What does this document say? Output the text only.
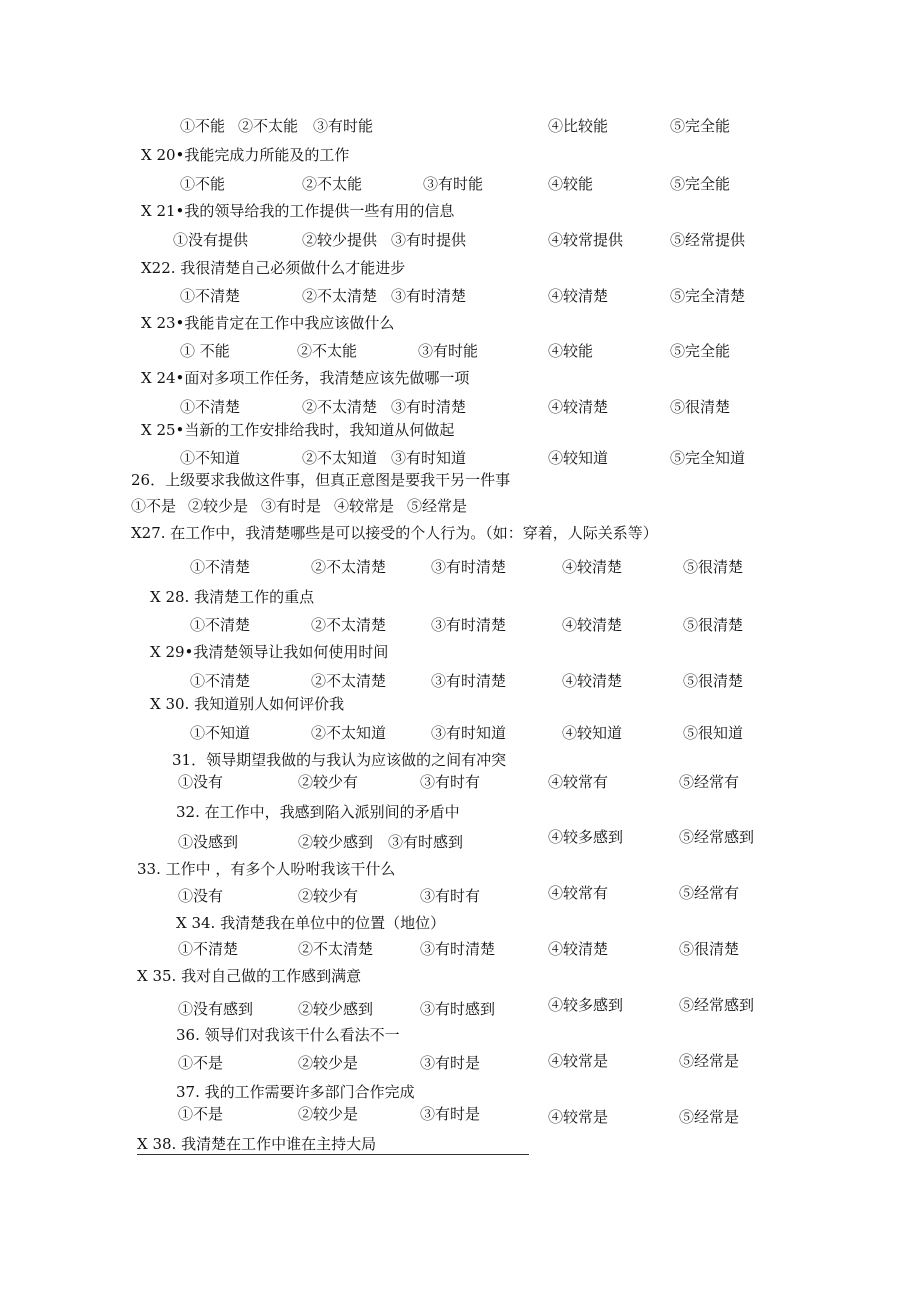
①不能 ②不太能 ③有时能	④比较能	⑤完全能
X 20•我能完成力所能及的工作
①不能	②不太能	③有时能	④较能	⑤完全能
X 21•我的领导给我的工作提供一些有用的信息
①没有提供	②较少提供 ③有时提供	④较常提供	⑤经常提供
X22. 我很清楚自己必须做什么才能进步
①不清楚	②不太清楚 ③有时清楚	④较清楚	⑤完全清楚
X 23•我能肯定在工作中我应该做什么
① 不能	②不太能	③有时能	④较能	⑤完全能
X 24•面对多项工作任务，我清楚应该先做哪一项
①不清楚	②不太清楚 ③有时清楚	④较清楚	⑤很清楚
X 25•当新的工作安排给我时，我知道从何做起
①不知道	②不太知道 ③有时知道	④较知道	⑤完全知道
26．上级要求我做这件事，但真正意图是要我干另一件事
①不是 ②较少是 ③有时是 ④较常是 ⑤经常是
X27. 在工作中，我清楚哪些是可以接受的个人行为。（如：穿着，人际关系等）
①不清楚	②不太清楚	③有时清楚	④较清楚	⑤很清楚
X 28. 我清楚工作的重点
①不清楚	②不太清楚	③有时清楚	④较清楚	⑤很清楚
X 29•我清楚领导让我如何使用时间
①不清楚	②不太清楚	③有时清楚	④较清楚	⑤很清楚
X 30. 我知道别人如何评价我
①不知道	②不太知道	③有时知道	④较知道	⑤很知道
31．领导期望我做的与我认为应该做的之间有冲突
①没有	②较少有	③有时有	④较常有	⑤经常有
32. 在工作中，我感到陷入派别间的矛盾中
①没感到	②较少感到 ③有时感到	④较多感到	⑤经常感到
33. 工作中 ，有多个人吩咐我该干什么
①没有	②较少有	③有时有	④较常有	⑤经常有
X 34. 我清楚我在单位中的位置（地位）
①不清楚	②不太清楚	③有时清楚	④较清楚	⑤很清楚
X 35. 我对自己做的工作感到满意
①没有感到	②较少感到	③有时感到	④较多感到	⑤经常感到
36. 领导们对我该干什么看法不一
①不是	②较少是	③有时是	④较常是	⑤经常是
37. 我的工作需要许多部门合作完成
①不是	②较少是	③有时是	④较常是	⑤经常是
X 38. 我清楚在工作中谁在主持大局
